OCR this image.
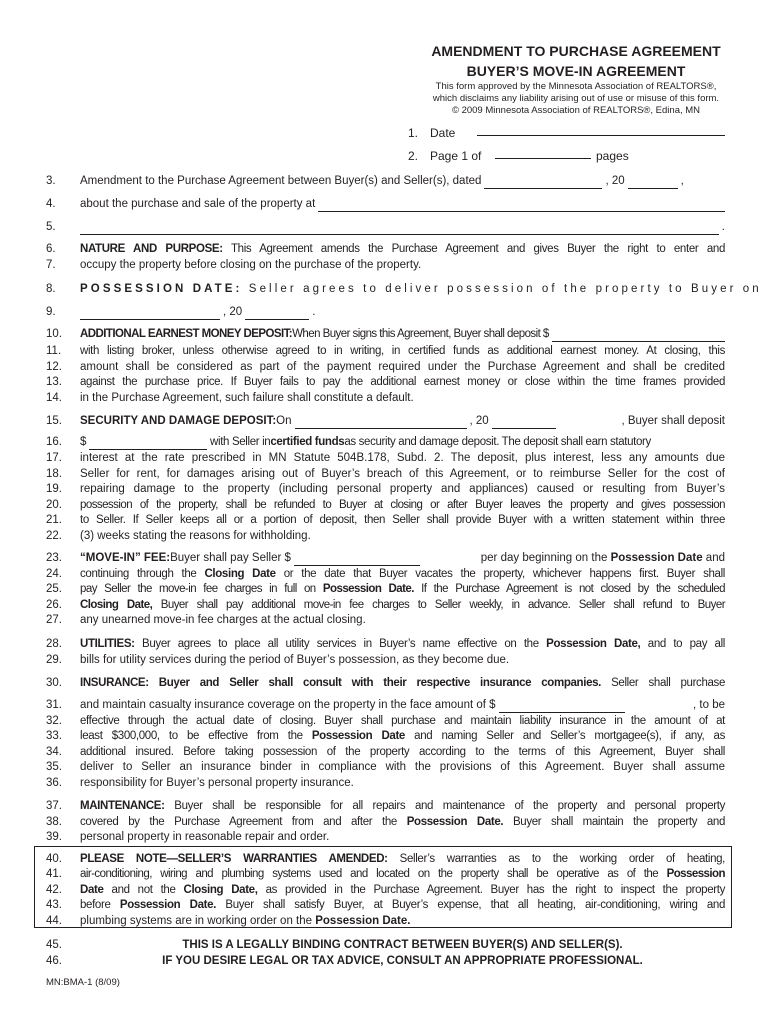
AMENDMENT TO PURCHASE AGREEMENT
BUYER’S MOVE-IN AGREEMENT
This form approved by the Minnesota Association of REALTORS®,
which disclaims any liability arising out of use or misuse of this form.
© 2009 Minnesota Association of REALTORS®, Edina, MN
1. Date
2. Page 1 of	pages
3.	Amendment to the Purchase Agreement between Buyer(s) and Seller(s), dated	, 20	,
4.	about the purchase and sale of the property at
5.	.
6.	NATURE AND PURPOSE: This Agreement amends the Purchase Agreement and gives Buyer the right to enter and
7.	occupy the property before closing on the purchase of the property.
8.	POSSESSION DATE: Seller agrees to deliver possession of the property to Buyer on
9.	, 20	.
10.	ADDITIONAL EARNEST MONEY DEPOSIT: When Buyer signs this Agreement, Buyer shall deposit $
11.	with listing broker, unless otherwise agreed to in writing, in certified funds as additional earnest money. At closing, this
12.	amount shall be considered as part of the payment required under the Purchase Agreement and shall be credited
13.	against the purchase price. If Buyer fails to pay the additional earnest money or close within the time frames provided
14.	in the Purchase Agreement, such failure shall constitute a default.
15.	SECURITY AND DAMAGE DEPOSIT: On	, 20	, Buyer shall deposit
16.	$	with Seller in certified funds as security and damage deposit. The deposit shall earn statutory
17.	interest at the rate prescribed in MN Statute 504B.178, Subd. 2. The deposit, plus interest, less any amounts due
18.	Seller for rent, for damages arising out of Buyer’s breach of this Agreement, or to reimburse Seller for the cost of
19.	repairing damage to the property (including personal property and appliances) caused or resulting from Buyer’s
20.	possession of the property, shall be refunded to Buyer at closing or after Buyer leaves the property and gives possession
21.	to Seller. If Seller keeps all or a portion of deposit, then Seller shall provide Buyer with a written statement within three
22.	(3) weeks stating the reasons for withholding.
23.	“MOVE-IN” FEE: Buyer shall pay Seller $	per day beginning on the Possession Date and
24.	continuing through the Closing Date or the date that Buyer vacates the property, whichever happens first. Buyer shall
25.	pay Seller the move-in fee charges in full on Possession Date. If the Purchase Agreement is not closed by the scheduled
26.	Closing Date, Buyer shall pay additional move-in fee charges to Seller weekly, in advance. Seller shall refund to Buyer
27.	any unearned move-in fee charges at the actual closing.
28.	UTILITIES: Buyer agrees to place all utility services in Buyer’s name effective on the Possession Date, and to pay all
29.	bills for utility services during the period of Buyer’s possession, as they become due.
30.	INSURANCE: Buyer and Seller shall consult with their respective insurance companies. Seller shall purchase
31.	and maintain casualty insurance coverage on the property in the face amount of $	, to be
32.	effective through the actual date of closing. Buyer shall purchase and maintain liability insurance in the amount of at
33.	least $300,000, to be effective from the Possession Date and naming Seller and Seller’s mortgagee(s), if any, as
34.	additional insured. Before taking possession of the property according to the terms of this Agreement, Buyer shall
35.	deliver to Seller an insurance binder in compliance with the provisions of this Agreement. Buyer shall assume
36.	responsibility for Buyer’s personal property insurance.
37.	MAINTENANCE: Buyer shall be responsible for all repairs and maintenance of the property and personal property
38.	covered by the Purchase Agreement from and after the Possession Date. Buyer shall maintain the property and
39.	personal property in reasonable repair and order.
40.	PLEASE NOTE—SELLER’S WARRANTIES AMENDED: Seller’s warranties as to the working order of heating,
41.	air-conditioning, wiring and plumbing systems used and located on the property shall be operative as of the Possession
42.	Date and not the Closing Date, as provided in the Purchase Agreement. Buyer has the right to inspect the property
43.	before Possession Date. Buyer shall satisfy Buyer, at Buyer’s expense, that all heating, air-conditioning, wiring and
44.	plumbing systems are in working order on the Possession Date.
45.	THIS IS A LEGALLY BINDING CONTRACT BETWEEN BUYER(S) AND SELLER(S).
46.	IF YOU DESIRE LEGAL OR TAX ADVICE, CONSULT AN APPROPRIATE PROFESSIONAL.
MN:BMA-1 (8/09)
